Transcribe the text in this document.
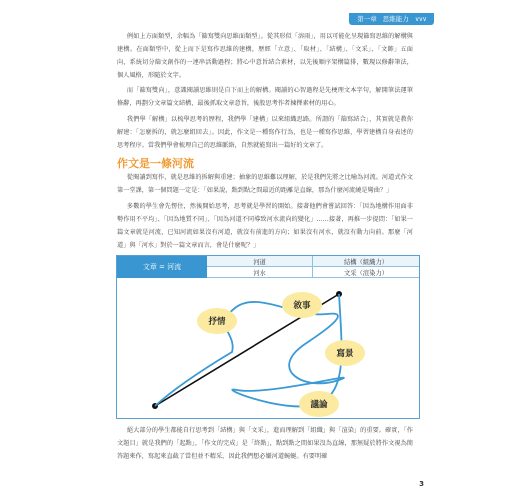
第一章 思維能力 ∨∨∨

例如上方面類型，余幅為「篩寫雙向思維面類型」。從其形似「溶雨」，用以可能化呈現篩寫思維的解構與建構。在面類型中，從上而下是寫作思維的建構，歷經「立意」、「取材」、「結構」、「文采」、「文飾」五面向，系統切分篩文創作的一連串活動過程；將心中意旨結合素材，以先後順序架構篇排，數現以修辭筆法，個人風格，形隨於文字。

而「篩寫雙向」，意識閱讀思維則是自下而上的解構。閱讀的心智過程是先梗理文本字句，解開筆法運筆修辭，再劃分文章篇文結構，最後抓取文章意旨，後股思考作者揀擇素材的用心。

我們學「解構」以梳學思考的歷程，我們學「建構」以來組織思路。所謂的「篩寫結合」，其實就是教你解建：「怎麼拆的，就怎麼組回去」。因此，作文是一種寫作行為，也是一種寫作思維，學習建構自身表述的思考程序。當我們學會梳理自己的思維脈絡，自然就能寫出一篇好的文章了。

作文是一條河流

從閱讀到寫作，就是思維的拆解與重建；抽象的思維難以理解，於是我們先將之比喻為河流。河道式作文第一堂課，第一個問題一定是：「如果說，點到點之間最近的距離是直線，那為什麼河流繞是彎曲？」

多數的學生會先愣住，然後開始思考，思考就是學習的開始。接著他們會嘗試回答：「因為地構作用面非勢作用不平均」、「因為地質不同」、「因為河道不同導致河水流向的變化」……接著，再推一步提問：「如果一篇文章就是河流，已知河流如果沒有河道，就沒有前進的方向；如果沒有河水，就沒有動力向前。那麼「河道」與「河水」對於一篇文章而言，會是什麼呢？」

文章 = 河流
河道	結構（組織力）
河水	文采（渲染力）
敘事
抒情
寫景
議論

絕大部分的學生都能自行思考到「結構」與「文采」，進而理解到「組織」與「渲染」的重要。確實，「作文題目」就是我們的「起點」，「作文的完成」是「終點」，點到點之間如果沒為直線，那無疑於將作文視為簡答題來作，寫起來直截了當但並不精采，因此我們想必嫌河道蜿蜒。有要明確

3
